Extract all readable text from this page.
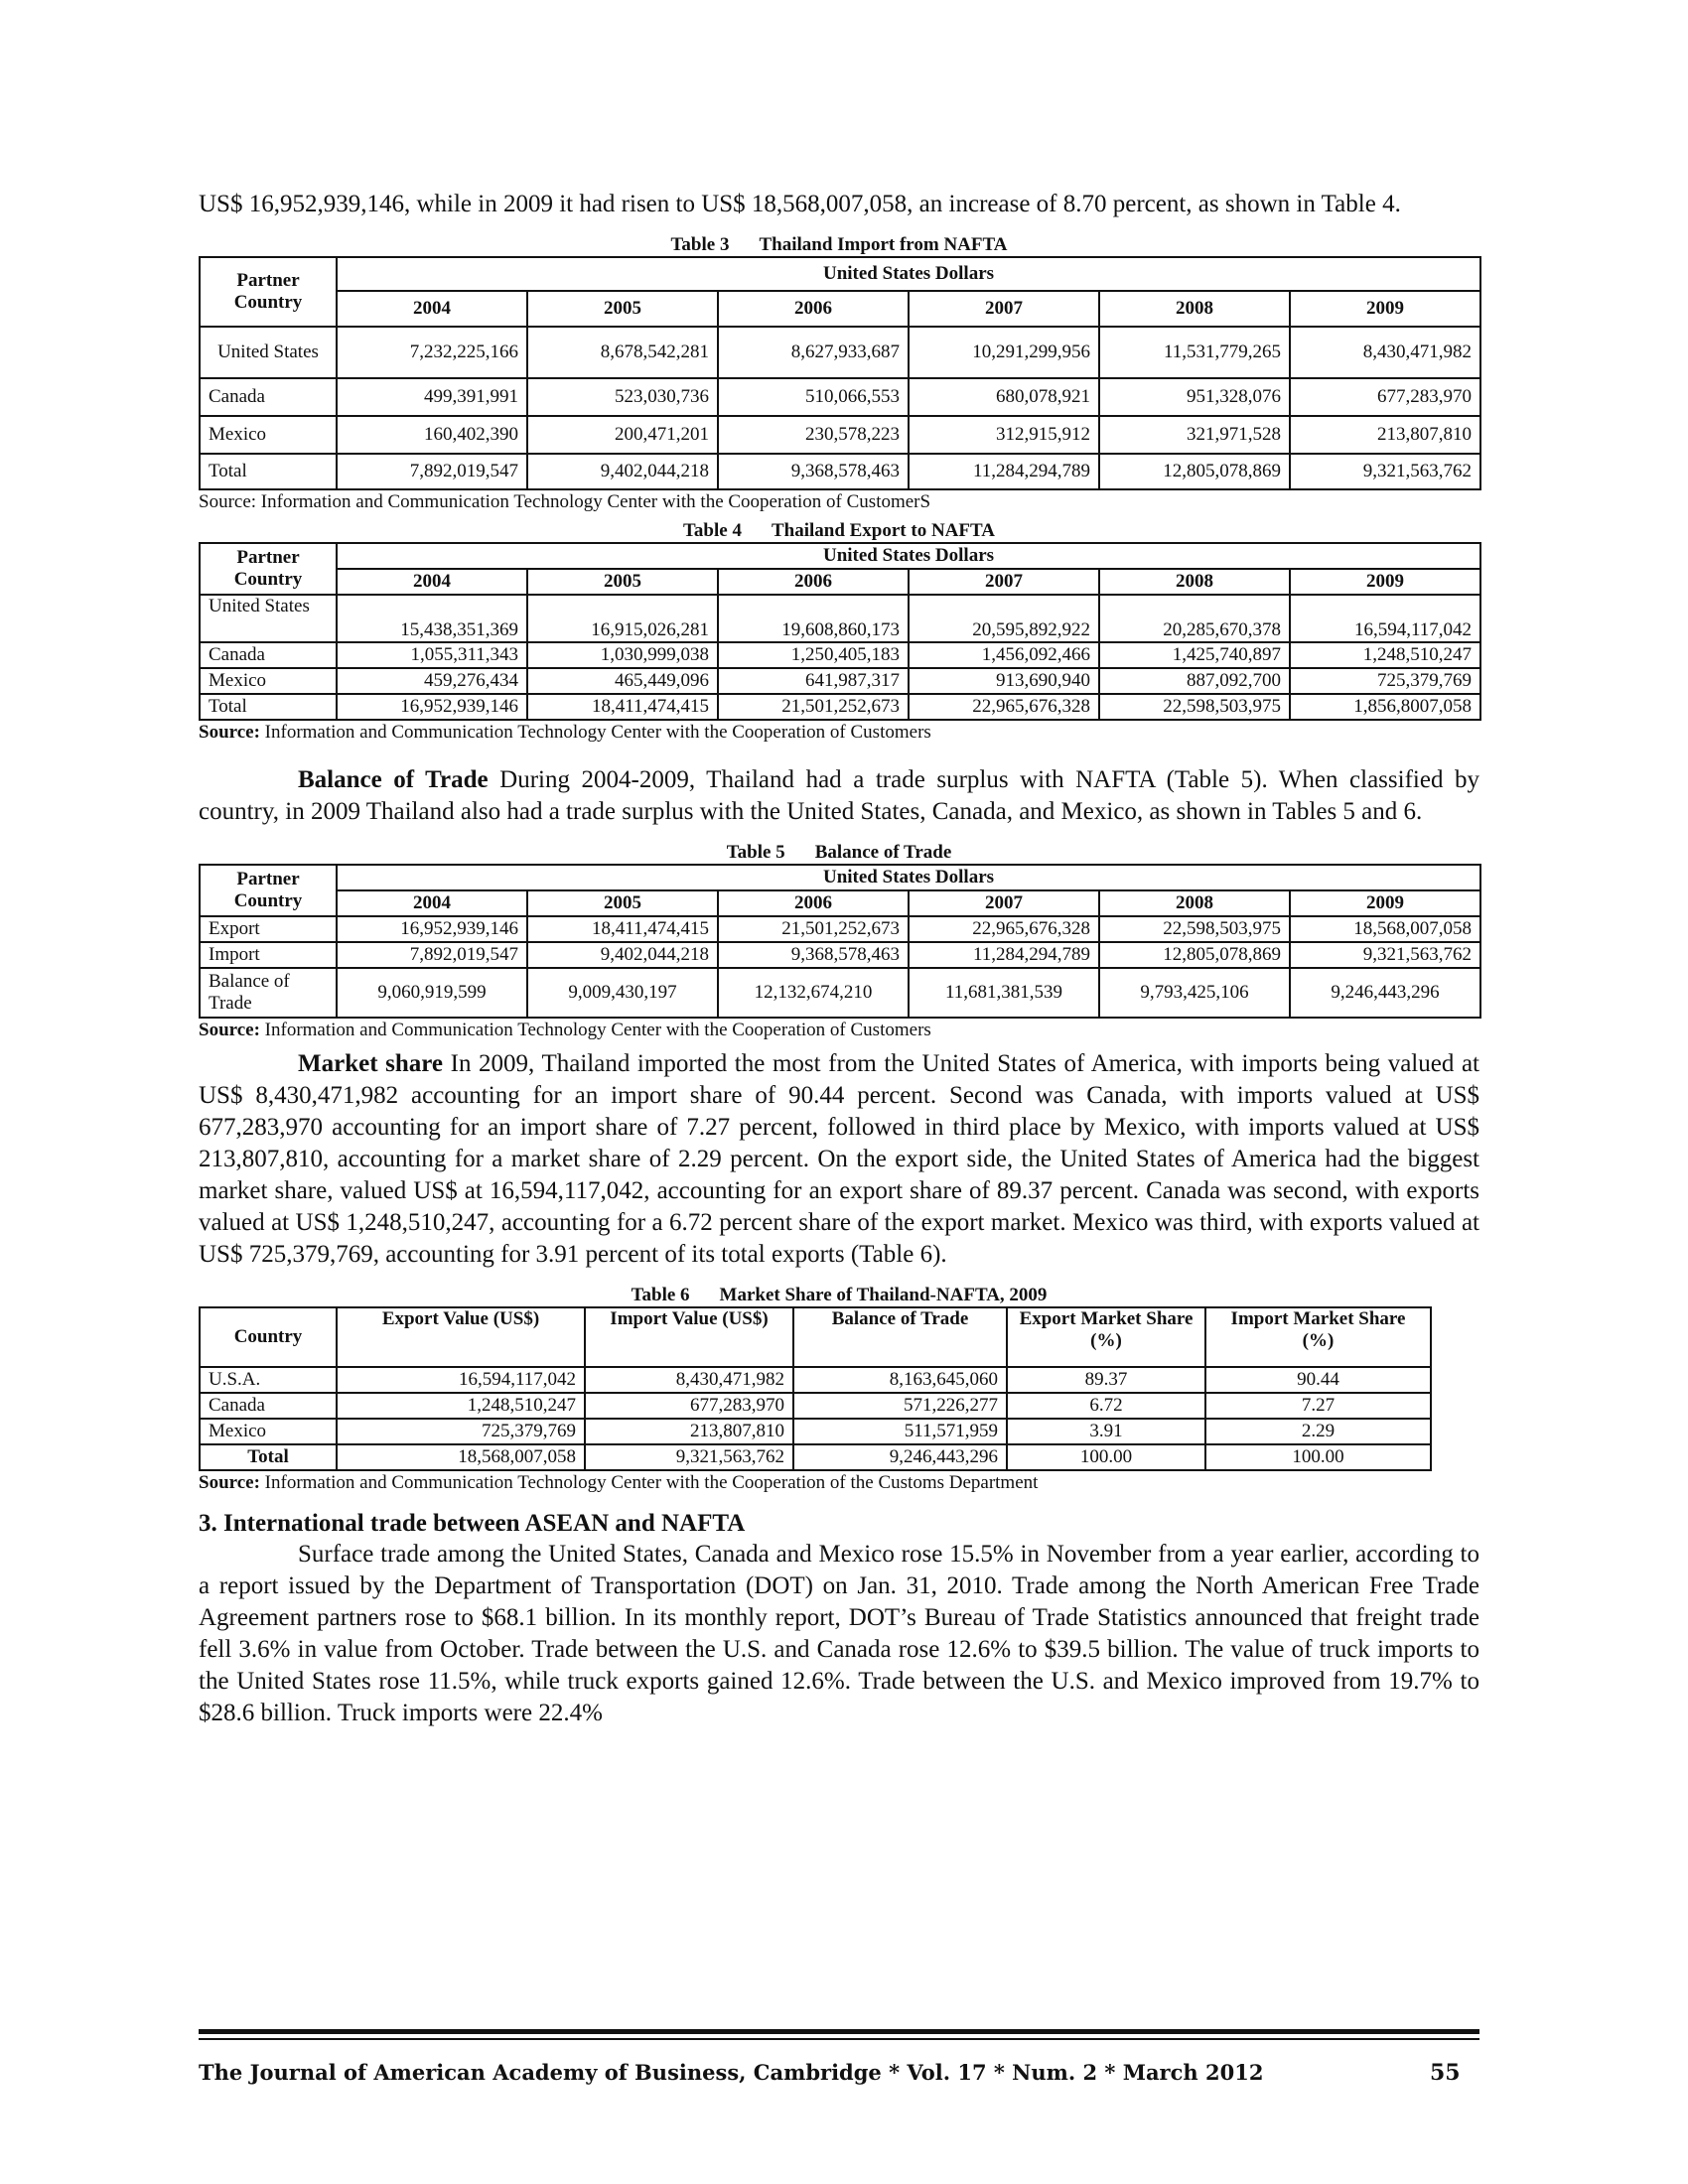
US$ 16,952,939,146, while in 2009 it had risen to US$ 18,568,007,058, an increase of 8.70 percent, as shown in Table 4.

Table 3 Thailand Import from NAFTA
Partner Country	United States Dollars					
	2004	2005	2006	2007	2008	2009
United States	7,232,225,166	8,678,542,281	8,627,933,687	10,291,299,956	11,531,779,265	8,430,471,982
Canada	499,391,991	523,030,736	510,066,553	680,078,921	951,328,076	677,283,970
Mexico	160,402,390	200,471,201	230,578,223	312,915,912	321,971,528	213,807,810
Total	7,892,019,547	9,402,044,218	9,368,578,463	11,284,294,789	12,805,078,869	9,321,563,762
Source: Information and Communication Technology Center with the Cooperation of CustomerS
Table 4 Thailand Export to NAFTA
Partner Country	United States Dollars					
	2004	2005	2006	2007	2008	2009
United States	15,438,351,369	16,915,026,281	19,608,860,173	20,595,892,922	20,285,670,378	16,594,117,042
Canada	1,055,311,343	1,030,999,038	1,250,405,183	1,456,092,466	1,425,740,897	1,248,510,247
Mexico	459,276,434	465,449,096	641,987,317	913,690,940	887,092,700	725,379,769
Total	16,952,939,146	18,411,474,415	21,501,252,673	22,965,676,328	22,598,503,975	1,856,8007,058
Source: Information and Communication Technology Center with the Cooperation of Customers

Balance of Trade During 2004-2009, Thailand had a trade surplus with NAFTA (Table 5). When classified by country, in 2009 Thailand also had a trade surplus with the United States, Canada, and Mexico, as shown in Tables 5 and 6.

Table 5 Balance of Trade
Partner Country	United States Dollars					
	2004	2005	2006	2007	2008	2009
Export	16,952,939,146	18,411,474,415	21,501,252,673	22,965,676,328	22,598,503,975	18,568,007,058
Import	7,892,019,547	9,402,044,218	9,368,578,463	11,284,294,789	12,805,078,869	9,321,563,762
Balance of Trade	9,060,919,599	9,009,430,197	12,132,674,210	11,681,381,539	9,793,425,106	9,246,443,296
Source: Information and Communication Technology Center with the Cooperation of Customers

Market share In 2009, Thailand imported the most from the United States of America, with imports being valued at US$ 8,430,471,982 accounting for an import share of 90.44 percent. Second was Canada, with imports valued at US$ 677,283,970 accounting for an import share of 7.27 percent, followed in third place by Mexico, with imports valued at US$ 213,807,810, accounting for a market share of 2.29 percent. On the export side, the United States of America had the biggest market share, valued US$ at 16,594,117,042, accounting for an export share of 89.37 percent. Canada was second, with exports valued at US$ 1,248,510,247, accounting for a 6.72 percent share of the export market. Mexico was third, with exports valued at US$ 725,379,769, accounting for 3.91 percent of its total exports (Table 6).

Table 6 Market Share of Thailand-NAFTA, 2009
Country	Export Value (US$)	Import Value (US$)	Balance of Trade	Export Market Share (%)	Import Market Share (%)
U.S.A.	16,594,117,042	8,430,471,982	8,163,645,060	89.37	90.44
Canada	1,248,510,247	677,283,970	571,226,277	6.72	7.27
Mexico	725,379,769	213,807,810	511,571,959	3.91	2.29
Total	18,568,007,058	9,321,563,762	9,246,443,296	100.00	100.00
Source: Information and Communication Technology Center with the Cooperation of the Customs Department
3. International trade between ASEAN and NAFTA

Surface trade among the United States, Canada and Mexico rose 15.5% in November from a year earlier, according to a report issued by the Department of Transportation (DOT) on Jan. 31, 2010. Trade among the North American Free Trade Agreement partners rose to $68.1 billion. In its monthly report, DOT’s Bureau of Trade Statistics announced that freight trade fell 3.6% in value from October. Trade between the U.S. and Canada rose 12.6% to $39.5 billion. The value of truck imports to the United States rose 11.5%, while truck exports gained 12.6%. Trade between the U.S. and Mexico improved from 19.7% to $28.6 billion. Truck imports were 22.4%

The Journal of American Academy of Business, Cambridge * Vol. 17 * Num. 2 * March 2012	55
